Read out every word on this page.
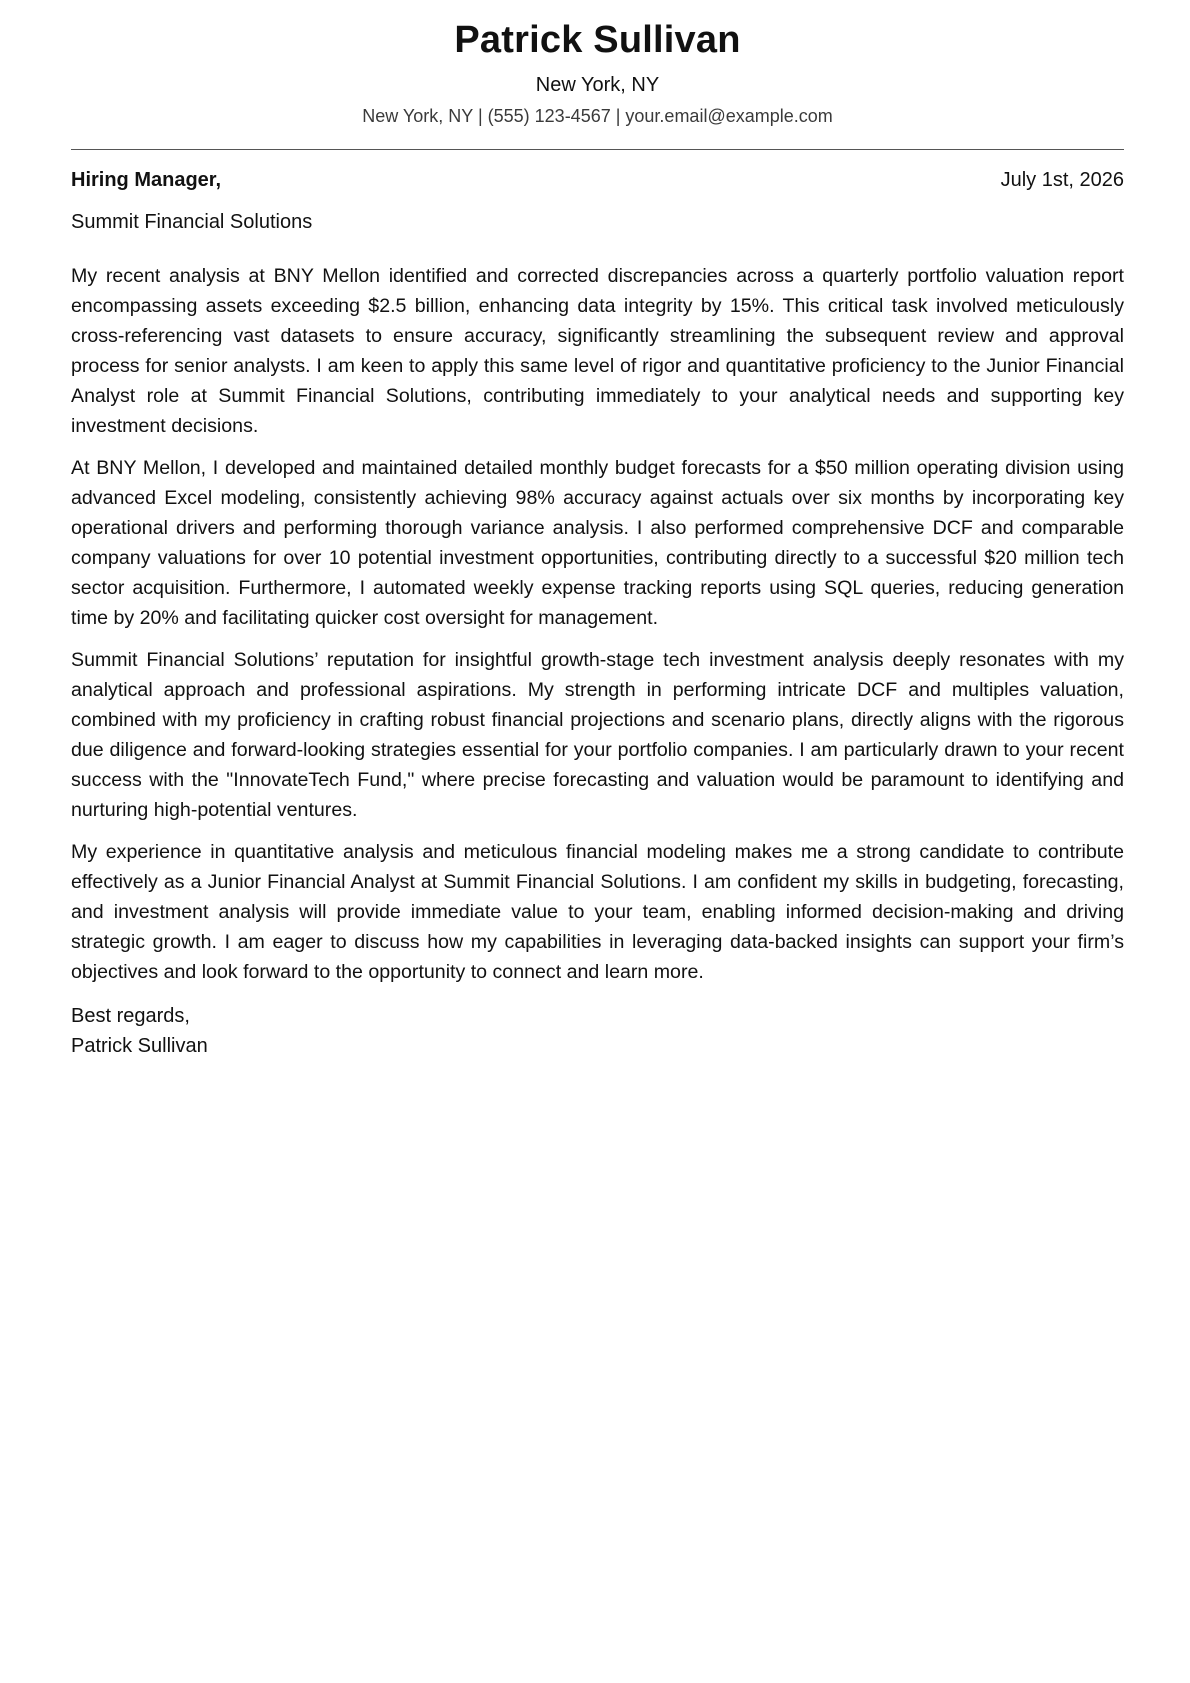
Patrick Sullivan
New York, NY
New York, NY | (555) 123-4567 | your.email@example.com
Hiring Manager,	July 1st, 2026
Summit Financial Solutions

My recent analysis at BNY Mellon identified and corrected discrepancies across a quarterly portfolio valuation report encompassing assets exceeding $2.5 billion, enhancing data integrity by 15%. This critical task involved meticulously cross-referencing vast datasets to ensure accuracy, significantly streamlining the subsequent review and approval process for senior analysts. I am keen to apply this same level of rigor and quantitative proficiency to the Junior Financial Analyst role at Summit Financial Solutions, contributing immediately to your analytical needs and supporting key investment decisions.

At BNY Mellon, I developed and maintained detailed monthly budget forecasts for a $50 million operating division using advanced Excel modeling, consistently achieving 98% accuracy against actuals over six months by incorporating key operational drivers and performing thorough variance analysis. I also performed comprehensive DCF and comparable company valuations for over 10 potential investment opportunities, contributing directly to a successful $20 million tech sector acquisition. Furthermore, I automated weekly expense tracking reports using SQL queries, reducing generation time by 20% and facilitating quicker cost oversight for management.

Summit Financial Solutions’ reputation for insightful growth-stage tech investment analysis deeply resonates with my analytical approach and professional aspirations. My strength in performing intricate DCF and multiples valuation, combined with my proficiency in crafting robust financial projections and scenario plans, directly aligns with the rigorous due diligence and forward-looking strategies essential for your portfolio companies. I am particularly drawn to your recent success with the "InnovateTech Fund," where precise forecasting and valuation would be paramount to identifying and nurturing high-potential ventures.

My experience in quantitative analysis and meticulous financial modeling makes me a strong candidate to contribute effectively as a Junior Financial Analyst at Summit Financial Solutions. I am confident my skills in budgeting, forecasting, and investment analysis will provide immediate value to your team, enabling informed decision-making and driving strategic growth. I am eager to discuss how my capabilities in leveraging data-backed insights can support your firm’s objectives and look forward to the opportunity to connect and learn more.

Best regards,
Patrick Sullivan
